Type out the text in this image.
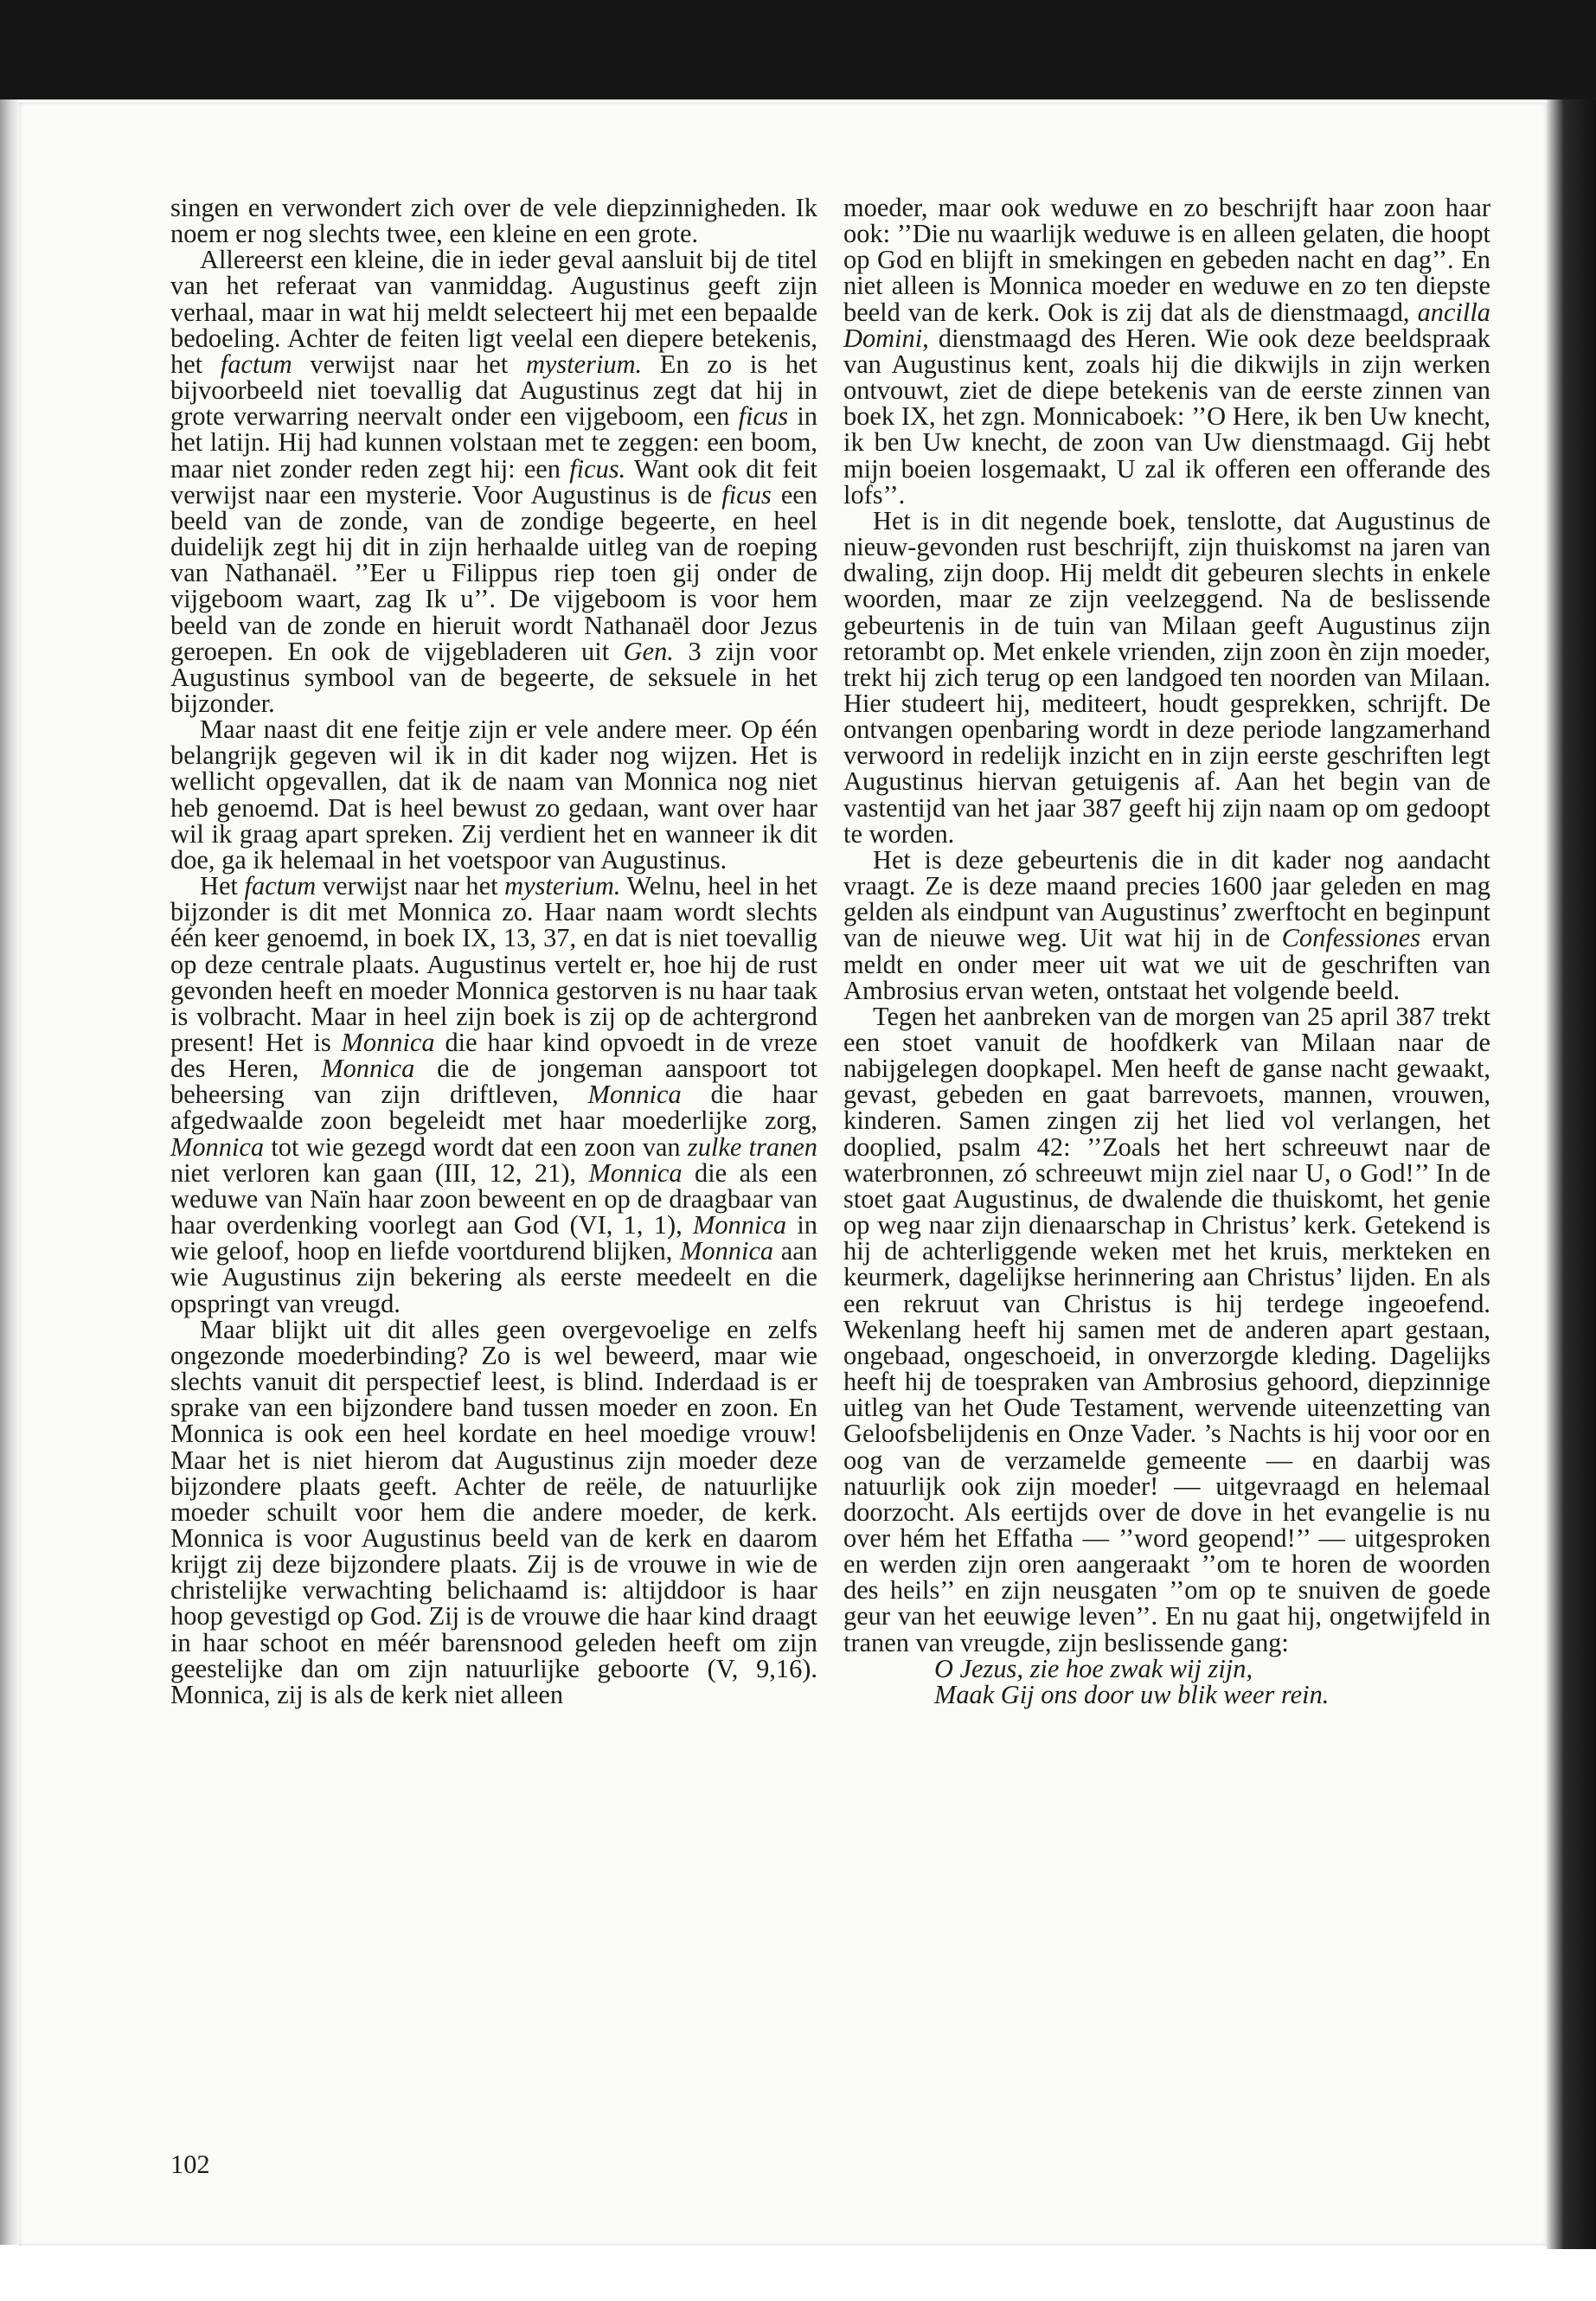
singen en verwondert zich over de vele diepzinnigheden. Ik noem er nog slechts twee, een kleine en een grote.

Allereerst een kleine, die in ieder geval aansluit bij de titel van het referaat van vanmiddag. Augustinus geeft zijn verhaal, maar in wat hij meldt selecteert hij met een bepaalde bedoeling. Achter de feiten ligt veelal een diepere betekenis, het factum verwijst naar het mysterium. En zo is het bijvoorbeeld niet toevallig dat Augustinus zegt dat hij in grote verwarring neervalt onder een vijgeboom, een ficus in het latijn. Hij had kunnen volstaan met te zeggen: een boom, maar niet zonder reden zegt hij: een ficus. Want ook dit feit verwijst naar een mysterie. Voor Augustinus is de ficus een beeld van de zonde, van de zondige begeerte, en heel duidelijk zegt hij dit in zijn herhaalde uitleg van de roeping van Nathanaël. ’’Eer u Filippus riep toen gij onder de vijgeboom waart, zag Ik u’’. De vijgeboom is voor hem beeld van de zonde en hieruit wordt Nathanaël door Jezus geroepen. En ook de vijgebladeren uit Gen. 3 zijn voor Augustinus symbool van de begeerte, de seksuele in het bijzonder.

Maar naast dit ene feitje zijn er vele andere meer. Op één belangrijk gegeven wil ik in dit kader nog wijzen. Het is wellicht opgevallen, dat ik de naam van Monnica nog niet heb genoemd. Dat is heel bewust zo gedaan, want over haar wil ik graag apart spreken. Zij verdient het en wanneer ik dit doe, ga ik helemaal in het voetspoor van Augustinus.

Het factum verwijst naar het mysterium. Welnu, heel in het bijzonder is dit met Monnica zo. Haar naam wordt slechts één keer genoemd, in boek IX, 13, 37, en dat is niet toevallig op deze centrale plaats. Augustinus vertelt er, hoe hij de rust gevonden heeft en moeder Monnica gestorven is nu haar taak is volbracht. Maar in heel zijn boek is zij op de achtergrond present! Het is Monnica die haar kind opvoedt in de vreze des Heren, Monnica die de jongeman aanspoort tot beheersing van zijn driftleven, Monnica die haar afgedwaalde zoon begeleidt met haar moederlijke zorg, Monnica tot wie gezegd wordt dat een zoon van zulke tranen niet verloren kan gaan (III, 12, 21), Monnica die als een weduwe van Naïn haar zoon beweent en op de draagbaar van haar overdenking voorlegt aan God (VI, 1, 1), Monnica in wie geloof, hoop en liefde voortdurend blijken, Monnica aan wie Augustinus zijn bekering als eerste meedeelt en die opspringt van vreugd.

Maar blijkt uit dit alles geen overgevoelige en zelfs ongezonde moederbinding? Zo is wel beweerd, maar wie slechts vanuit dit perspectief leest, is blind. Inderdaad is er sprake van een bijzondere band tussen moeder en zoon. En Monnica is ook een heel kordate en heel moedige vrouw! Maar het is niet hierom dat Augustinus zijn moeder deze bijzondere plaats geeft. Achter de reële, de natuurlijke moeder schuilt voor hem die andere moeder, de kerk. Monnica is voor Augustinus beeld van de kerk en daarom krijgt zij deze bijzondere plaats. Zij is de vrouwe in wie de christelijke verwachting belichaamd is: altijddoor is haar hoop gevestigd op God. Zij is de vrouwe die haar kind draagt in haar schoot en méér barensnood geleden heeft om zijn geestelijke dan om zijn natuurlijke geboorte (V, 9,16). Monnica, zij is als de kerk niet alleen

moeder, maar ook weduwe en zo beschrijft haar zoon haar ook: ’’Die nu waarlijk weduwe is en alleen gelaten, die hoopt op God en blijft in smekingen en gebeden nacht en dag’’. En niet alleen is Monnica moeder en weduwe en zo ten diepste beeld van de kerk. Ook is zij dat als de dienstmaagd, ancilla Domini, dienstmaagd des Heren. Wie ook deze beeldspraak van Augustinus kent, zoals hij die dikwijls in zijn werken ontvouwt, ziet de diepe betekenis van de eerste zinnen van boek IX, het zgn. Monnicaboek: ’’O Here, ik ben Uw knecht, ik ben Uw knecht, de zoon van Uw dienstmaagd. Gij hebt mijn boeien losgemaakt, U zal ik offeren een offerande des lofs’’.

Het is in dit negende boek, tenslotte, dat Augustinus de nieuw-gevonden rust beschrijft, zijn thuiskomst na jaren van dwaling, zijn doop. Hij meldt dit gebeuren slechts in enkele woorden, maar ze zijn veelzeggend. Na de beslissende gebeurtenis in de tuin van Milaan geeft Augustinus zijn retorambt op. Met enkele vrienden, zijn zoon èn zijn moeder, trekt hij zich terug op een landgoed ten noorden van Milaan. Hier studeert hij, mediteert, houdt gesprekken, schrijft. De ontvangen openbaring wordt in deze periode langzamerhand verwoord in redelijk inzicht en in zijn eerste geschriften legt Augustinus hiervan getuigenis af. Aan het begin van de vastentijd van het jaar 387 geeft hij zijn naam op om gedoopt te worden.

Het is deze gebeurtenis die in dit kader nog aandacht vraagt. Ze is deze maand precies 1600 jaar geleden en mag gelden als eindpunt van Augustinus’ zwerftocht en beginpunt van de nieuwe weg. Uit wat hij in de Confessiones ervan meldt en onder meer uit wat we uit de geschriften van Ambrosius ervan weten, ontstaat het volgende beeld.

Tegen het aanbreken van de morgen van 25 april 387 trekt een stoet vanuit de hoofdkerk van Milaan naar de nabijgelegen doopkapel. Men heeft de ganse nacht gewaakt, gevast, gebeden en gaat barrevoets, mannen, vrouwen, kinderen. Samen zingen zij het lied vol verlangen, het dooplied, psalm 42: ’’Zoals het hert schreeuwt naar de waterbronnen, zó schreeuwt mijn ziel naar U, o God!’’ In de stoet gaat Augustinus, de dwalende die thuiskomt, het genie op weg naar zijn dienaarschap in Christus’ kerk. Getekend is hij de achterliggende weken met het kruis, merkteken en keurmerk, dagelijkse herinnering aan Christus’ lijden. En als een rekruut van Christus is hij terdege ingeoefend. Wekenlang heeft hij samen met de anderen apart gestaan, ongebaad, ongeschoeid, in onverzorgde kleding. Dagelijks heeft hij de toespraken van Ambrosius gehoord, diepzinnige uitleg van het Oude Testament, wervende uiteenzetting van Geloofsbelijdenis en Onze Vader. ’s Nachts is hij voor oor en oog van de verzamelde gemeente — en daarbij was natuurlijk ook zijn moeder! — uitgevraagd en helemaal doorzocht. Als eertijds over de dove in het evangelie is nu over hém het Effatha — ’’word geopend!’’ — uitgesproken en werden zijn oren aangeraakt ’’om te horen de woorden des heils’’ en zijn neusgaten ’’om op te snuiven de goede geur van het eeuwige leven’’. En nu gaat hij, ongetwijfeld in tranen van vreugde, zijn beslissende gang:

O Jezus, zie hoe zwak wij zijn,

Maak Gij ons door uw blik weer rein.

102
